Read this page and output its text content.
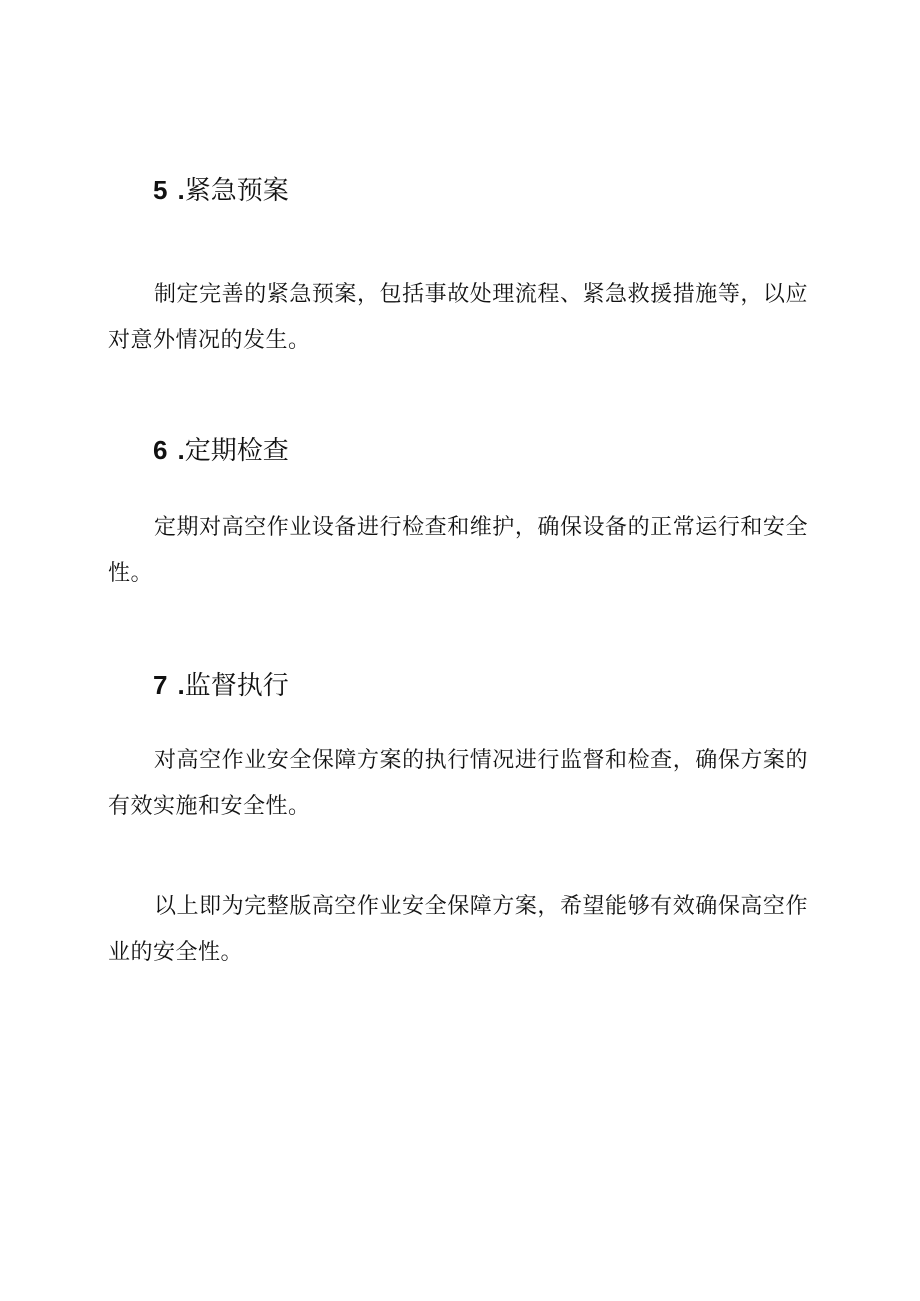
5 .紧急预案

制定完善的紧急预案，包括事故处理流程、紧急救援措施等，以应对意外情况的发生。

6 .定期检查

定期对高空作业设备进行检查和维护，确保设备的正常运行和安全性。

7 .监督执行

对高空作业安全保障方案的执行情况进行监督和检查，确保方案的有效实施和安全性。

以上即为完整版高空作业安全保障方案，希望能够有效确保高空作业的安全性。
